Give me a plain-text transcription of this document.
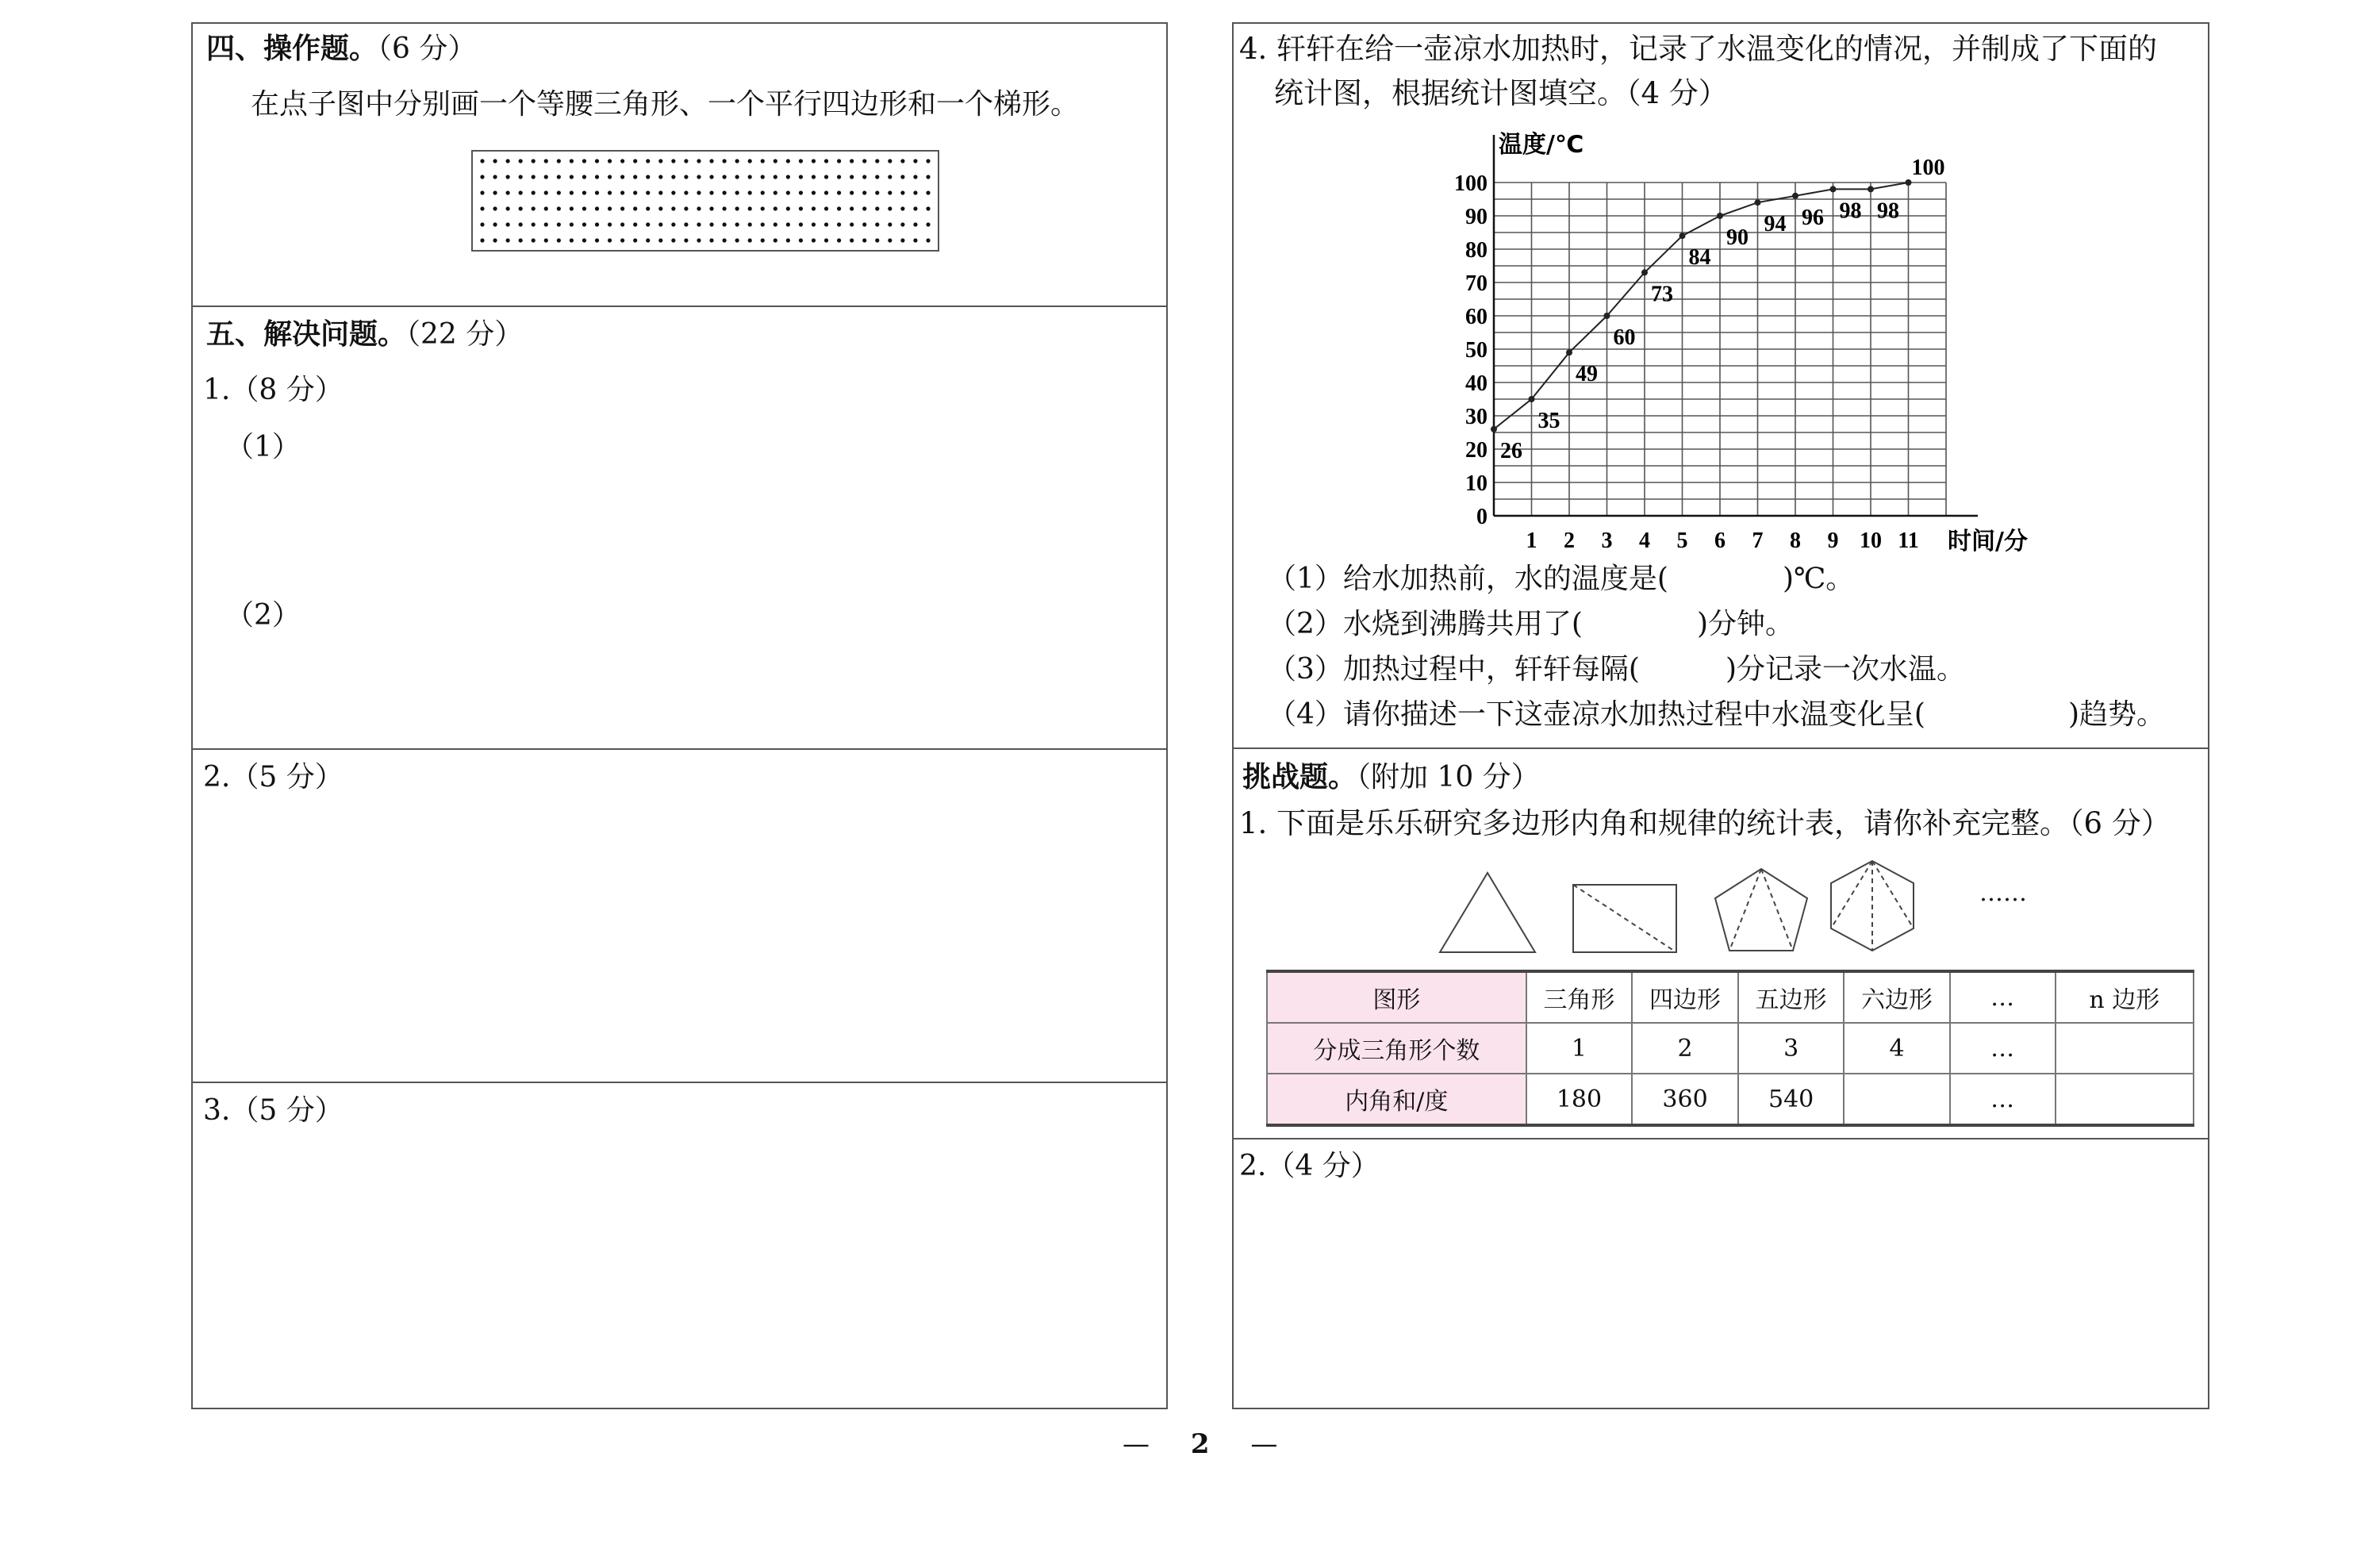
四、操作题。（6 分）
在点子图中分别画一个等腰三角形、一个平行四边形和一个梯形。
五、解决问题。（22 分）
1.（8 分）
（1）
（2）
2.（5 分）
3.（5 分）
4. 轩轩在给一壶凉水加热时，记录了水温变化的情况，并制成了下面的
统计图，根据统计图填空。（4 分）
0
10
20
30
40
50
60
70
80
90
100
1 2 3 4 5 6 7 8 9 10 11
温度/℃
时间/分
26
35
49
60
73
84
90
94 96 98 98
100
（1）给水加热前，水的温度是(　　　　)℃。
（2）水烧到沸腾共用了(　　　　)分钟。
（3）加热过程中，轩轩每隔(　　　)分记录一次水温。
（4）请你描述一下这壶凉水加热过程中水温变化呈(　　　　　)趋势。
挑战题。（附加 10 分）
1. 下面是乐乐研究多边形内角和规律的统计表，请你补充完整。（6 分）
……
图形	三角形	四边形	五边形	六边形	…	n 边形
分成三角形个数	1	2	3	4	…	
内角和/度	180	360	540		…	
2.（4 分）
— 2 —
